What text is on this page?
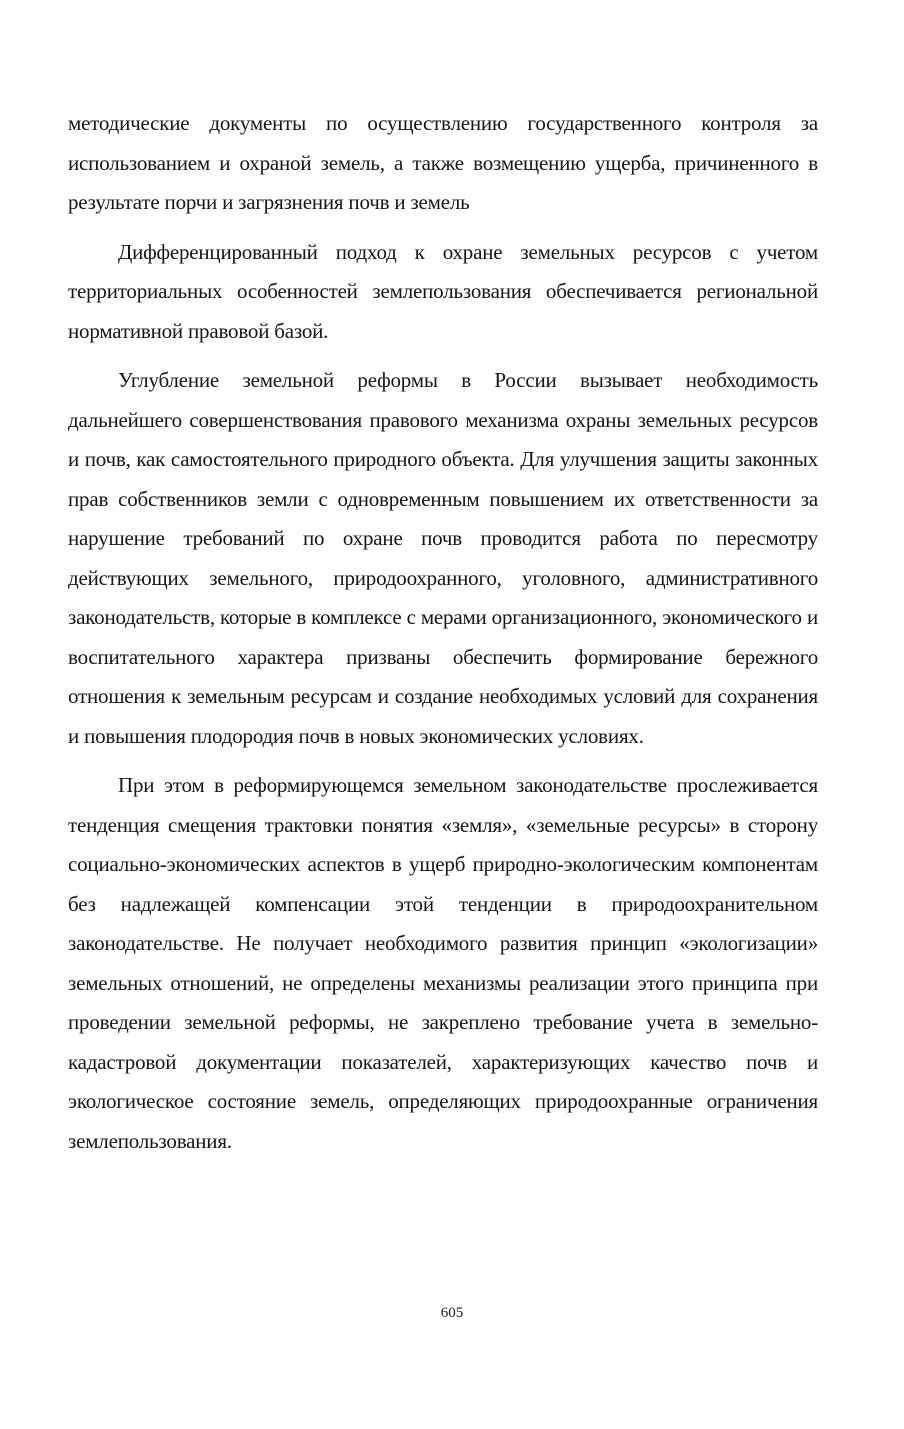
методические документы по осуществлению государственного контроля за использованием и охраной земель, а также возмещению ущерба, причиненного в результате порчи и загрязнения почв и земель

Дифференцированный подход к охране земельных ресурсов с учетом территориальных особенностей землепользования обеспечивается региональной нормативной правовой базой.

Углубление земельной реформы в России вызывает необходимость дальнейшего совершенствования правового механизма охраны земельных ресурсов и почв, как самостоятельного природного объекта. Для улучшения защиты законных прав собственников земли с одновременным повышением их ответственности за нарушение требований по охране почв проводится работа по пересмотру действующих земельного, природоохранного, уголовного, административного законодательств, которые в комплексе с мерами организационного, экономического и воспитательного характера призваны обеспечить формирование бережного отношения к земельным ресурсам и создание необходимых условий для сохранения и повышения плодородия почв в новых экономических условиях.

При этом в реформирующемся земельном законодательстве прослеживается тенденция смещения трактовки понятия «земля», «земельные ресурсы» в сторону социально-экономических аспектов в ущерб природно-экологическим компонентам без надлежащей компенсации этой тенденции в природоохранительном законодательстве. Не получает необходимого развития принцип «экологизации» земельных отношений, не определены механизмы реализации этого принципа при проведении земельной реформы, не закреплено требование учета в земельно-кадастровой документации показателей, характеризующих качество почв и экологическое состояние земель, определяющих природоохранные ограничения землепользования.

605
